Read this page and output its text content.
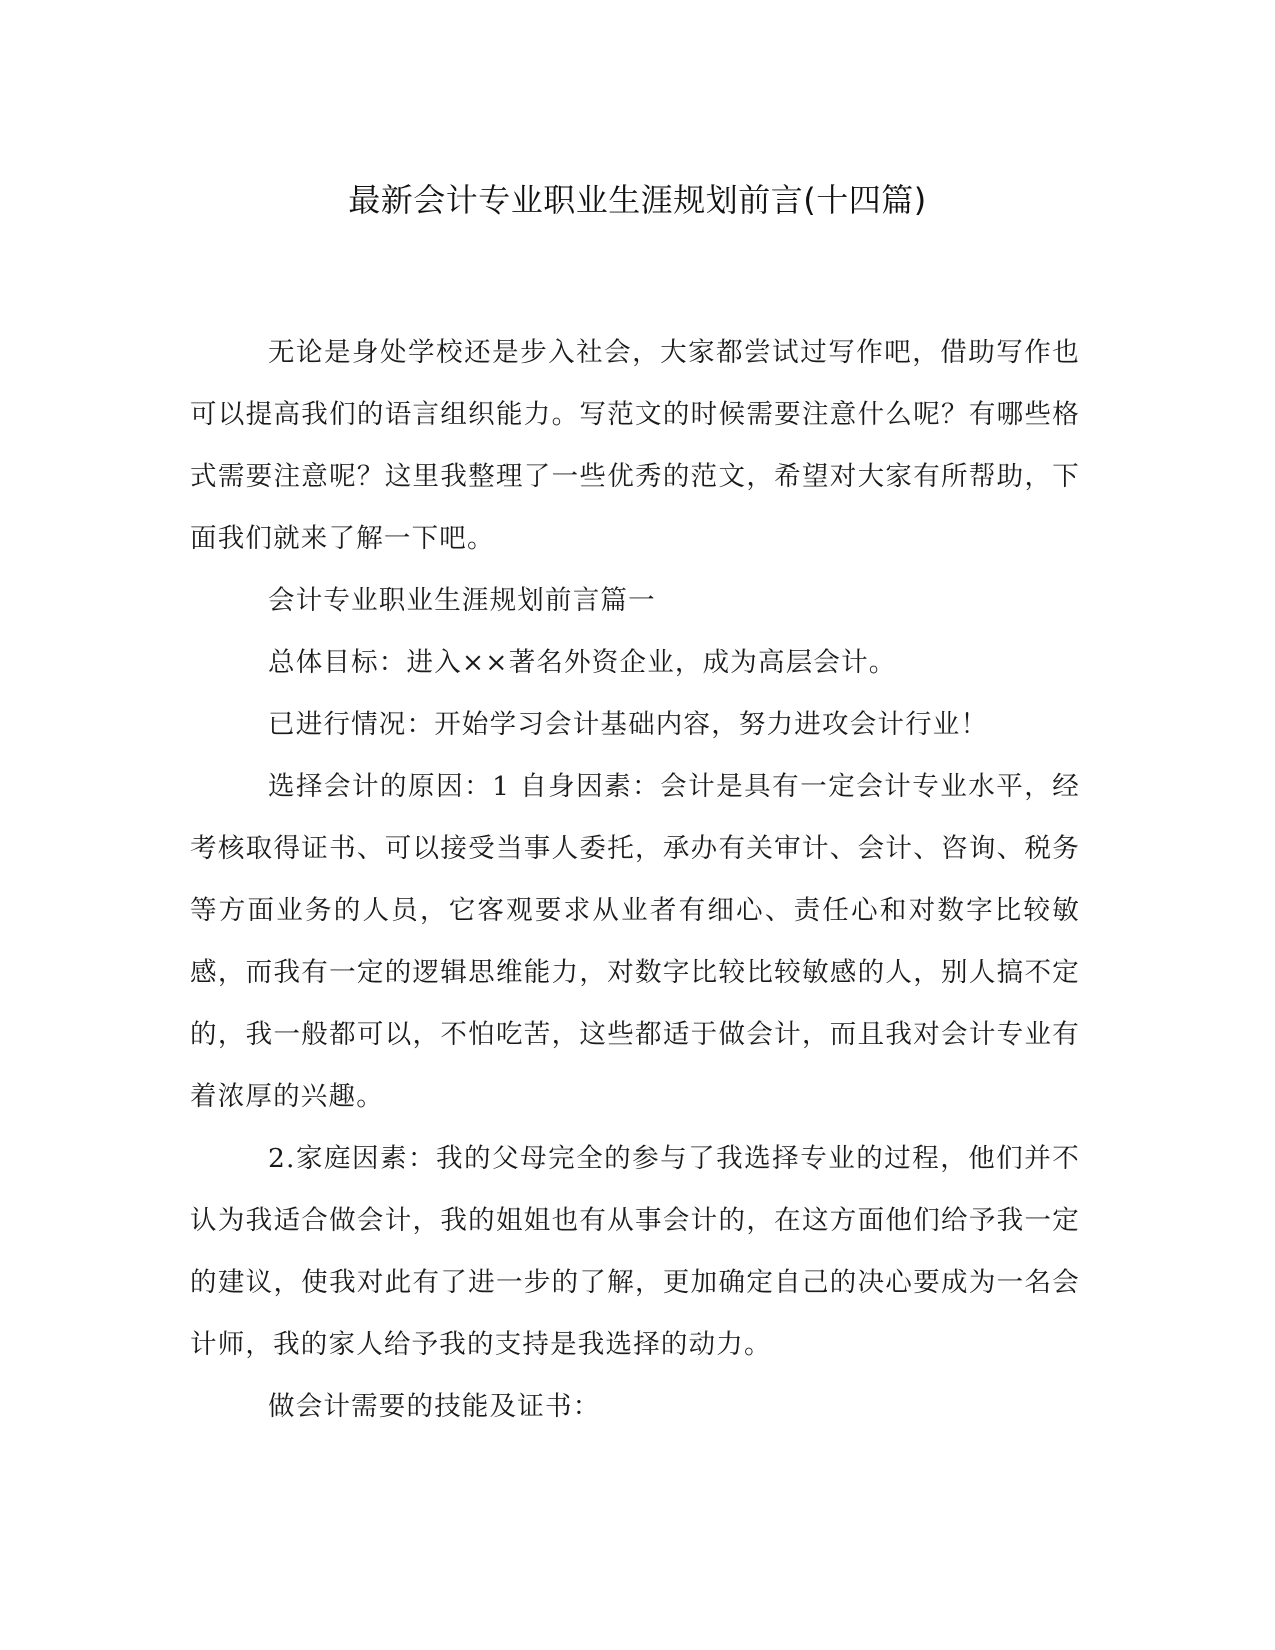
最新会计专业职业生涯规划前言(十四篇)

无论是身处学校还是步入社会，大家都尝试过写作吧，借助写作也可以提高我们的语言组织能力。写范文的时候需要注意什么呢？有哪些格式需要注意呢？这里我整理了一些优秀的范文，希望对大家有所帮助，下面我们就来了解一下吧。

会计专业职业生涯规划前言篇一

总体目标：进入××著名外资企业，成为高层会计。

已进行情况：开始学习会计基础内容，努力进攻会计行业！

选择会计的原因：1 自身因素：会计是具有一定会计专业水平，经考核取得证书、可以接受当事人委托，承办有关审计、会计、咨询、税务等方面业务的人员，它客观要求从业者有细心、责任心和对数字比较敏感，而我有一定的逻辑思维能力，对数字比较比较敏感的人，别人搞不定的，我一般都可以，不怕吃苦，这些都适于做会计，而且我对会计专业有着浓厚的兴趣。

2.家庭因素：我的父母完全的参与了我选择专业的过程，他们并不认为我适合做会计，我的姐姐也有从事会计的，在这方面他们给予我一定的建议，使我对此有了进一步的了解，更加确定自己的决心要成为一名会计师，我的家人给予我的支持是我选择的动力。

做会计需要的技能及证书：
